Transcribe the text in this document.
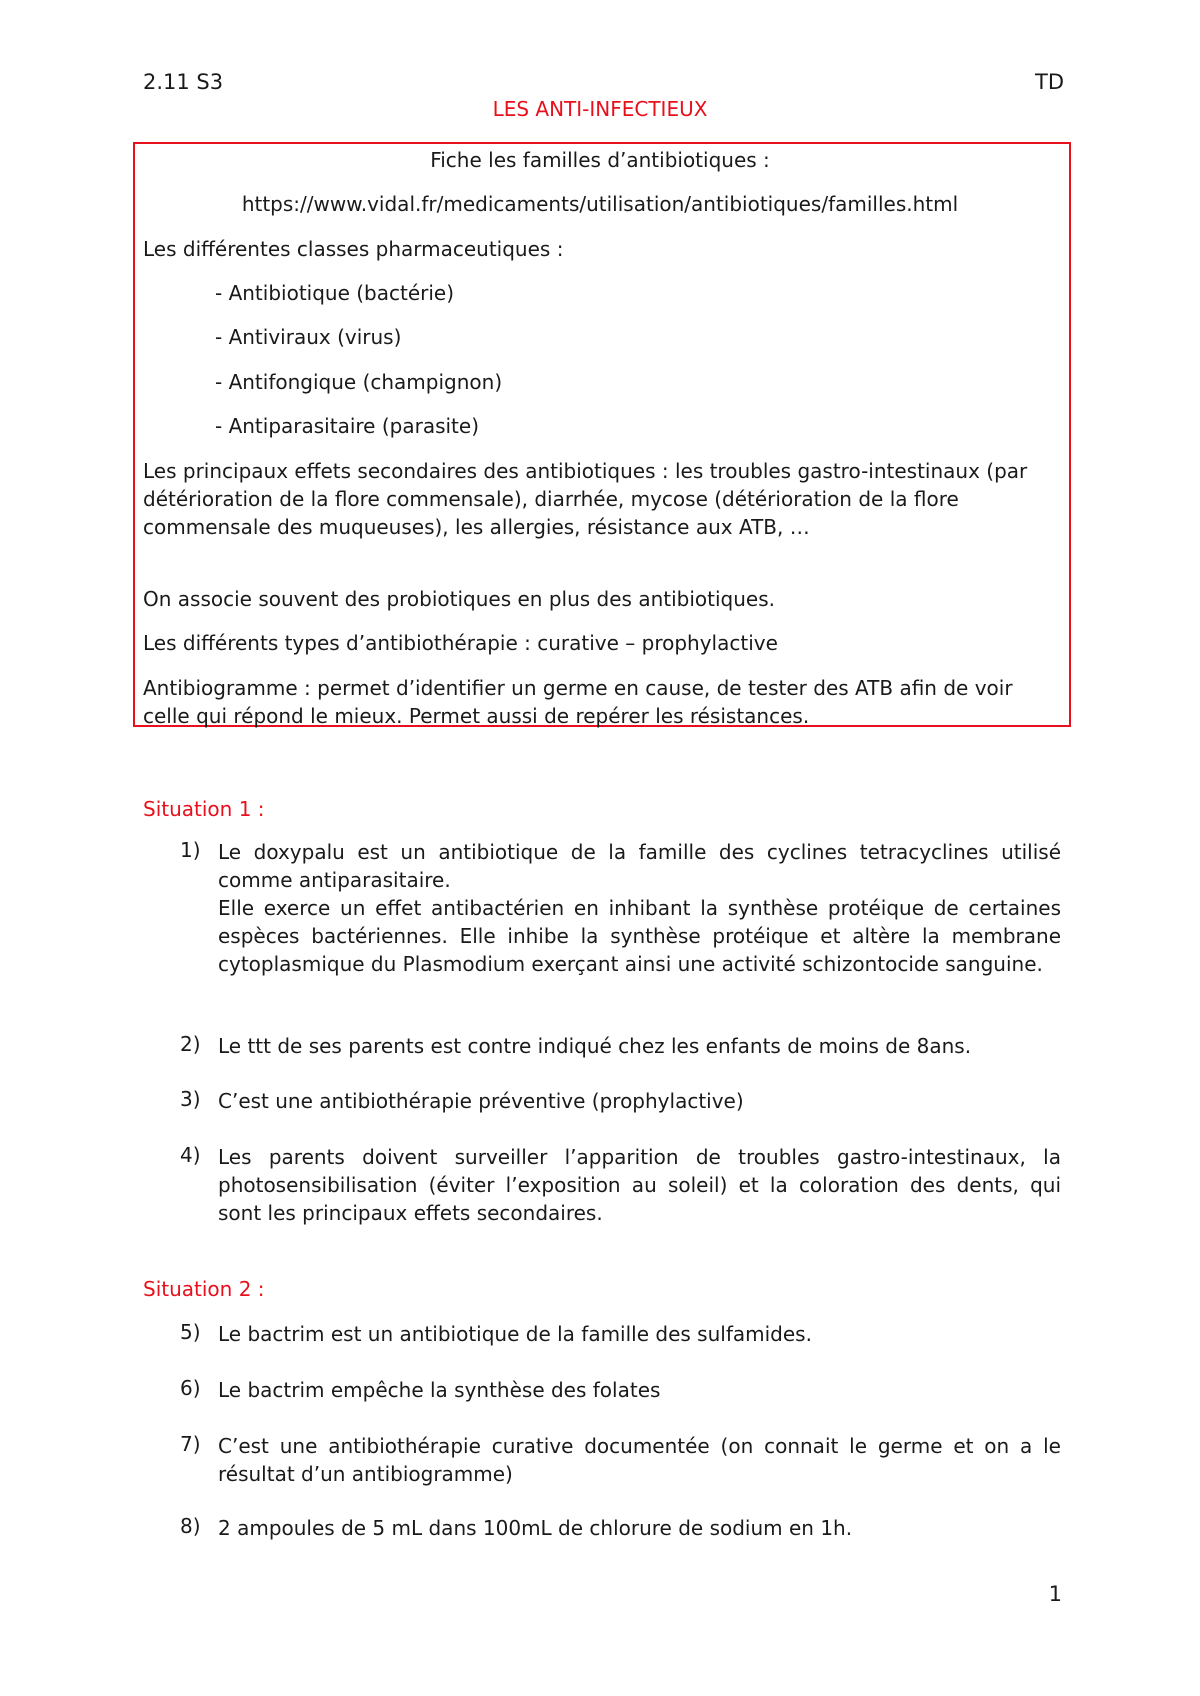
2.11 S3	TD
LES ANTI-INFECTIEUX
Fiche les familles d’antibiotiques :
https://www.vidal.fr/medicaments/utilisation/antibiotiques/familles.html
Les différentes classes pharmaceutiques :
- Antibiotique (bactérie)
- Antiviraux (virus)
- Antifongique (champignon)
- Antiparasitaire (parasite)
Les principaux effets secondaires des antibiotiques : les troubles gastro-intestinaux (par détérioration de la flore commensale), diarrhée, mycose (détérioration de la flore commensale des muqueuses), les allergies, résistance aux ATB, …
On associe souvent des probiotiques en plus des antibiotiques.
Les différents types d’antibiothérapie : curative – prophylactive
Antibiogramme : permet d’identifier un germe en cause, de tester des ATB afin de voir celle qui répond le mieux. Permet aussi de repérer les résistances.
Situation 1 :
1) Le doxypalu est un antibiotique de la famille des cyclines tetracyclines utilisé comme antiparasitaire.
Elle exerce un effet antibactérien en inhibant la synthèse protéique de certaines espèces bactériennes. Elle inhibe la synthèse protéique et altère la membrane cytoplasmique du Plasmodium exerçant ainsi une activité schizontocide sanguine.
2) Le ttt de ses parents est contre indiqué chez les enfants de moins de 8ans.
3) C’est une antibiothérapie préventive (prophylactive)
4) Les parents doivent surveiller l’apparition de troubles gastro-intestinaux, la photosensibilisation (éviter l’exposition au soleil) et la coloration des dents, qui sont les principaux effets secondaires.
Situation 2 :
5) Le bactrim est un antibiotique de la famille des sulfamides.
6) Le bactrim empêche la synthèse des folates
7) C’est une antibiothérapie curative documentée (on connait le germe et on a le résultat d’un antibiogramme)
8) 2 ampoules de 5 mL dans 100mL de chlorure de sodium en 1h.
1
